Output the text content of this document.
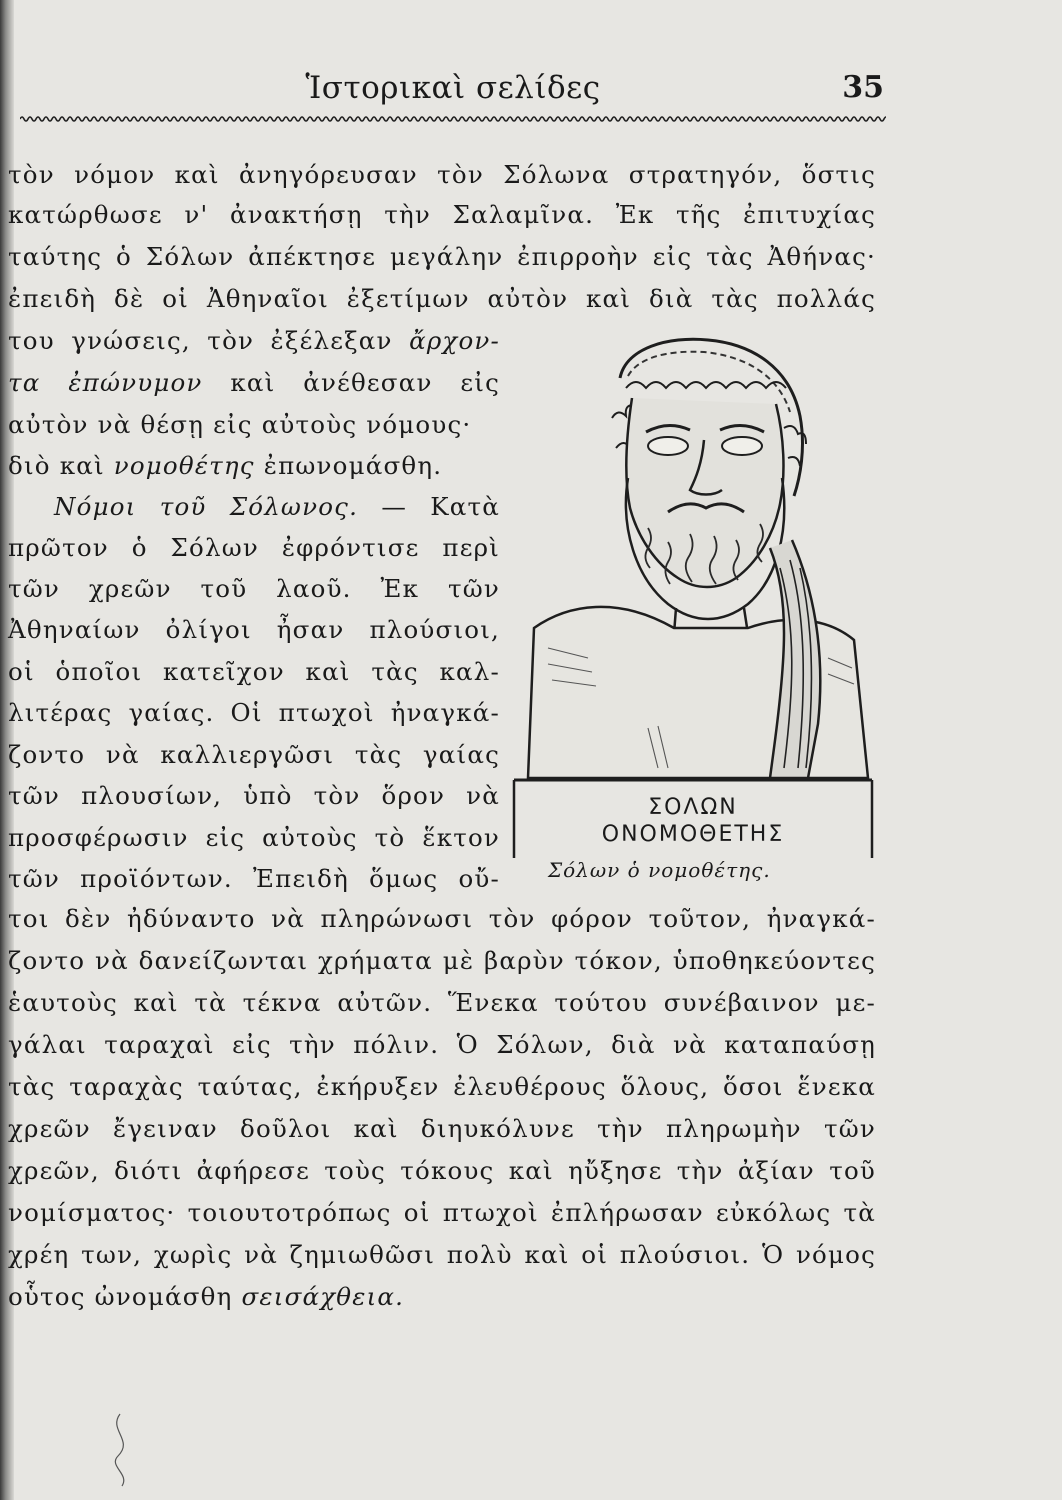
Ἱστορικαὶ σελίδες	35
τὸν νόμον καὶ ἀνηγόρευσαν τὸν Σόλωνα στρατηγόν, ὅστις
κατώρθωσε ν' ἀνακτήσῃ τὴν Σαλαμῖνα. Ἐκ τῆς ἐπιτυχίας
ταύτης ὁ Σόλων ἀπέκτησε μεγάλην ἐπιρροὴν εἰς τὰς Ἀθήνας·
ἐπειδὴ δὲ οἱ Ἀθηναῖοι ἐξετίμων αὐτὸν καὶ διὰ τὰς πολλάς
του γνώσεις, τὸν ἐξέλεξαν ἄρχον-
τα ἐπώνυμον καὶ ἀνέθεσαν εἰς
αὐτὸν νὰ θέσῃ εἰς αὐτοὺς νόμους·
διὸ καὶ νομοθέτης ἐπωνομάσθη.
Νόμοι τοῦ Σόλωνος. — Κατὰ
πρῶτον ὁ Σόλων ἐφρόντισε περὶ
τῶν χρεῶν τοῦ λαοῦ. Ἐκ τῶν
Ἀθηναίων ὀλίγοι ἦσαν πλούσιοι,
οἱ ὁποῖοι κατεῖχον καὶ τὰς καλ-
λιτέρας γαίας. Οἱ πτωχοὶ ἠναγκά-
ζοντο νὰ καλλιεργῶσι τὰς γαίας
τῶν πλουσίων, ὑπὸ τὸν ὅρον νὰ
προσφέρωσιν εἰς αὐτοὺς τὸ ἕκτον
τῶν προϊόντων. Ἐπειδὴ ὅμως οὔ-
τοι δὲν ἠδύναντο νὰ πληρώνωσι τὸν φόρον τοῦτον, ἠναγκά-
ζοντο νὰ δανείζωνται χρήματα μὲ βαρὺν τόκον, ὑποθηκεύοντες
ἑαυτοὺς καὶ τὰ τέκνα αὐτῶν. Ἕνεκα τούτου συνέβαινον με-
γάλαι ταραχαὶ εἰς τὴν πόλιν. Ὁ Σόλων, διὰ νὰ καταπαύσῃ
τὰς ταραχὰς ταύτας, ἐκήρυξεν ἐλευθέρους ὅλους, ὅσοι ἕνεκα
χρεῶν ἔγειναν δοῦλοι καὶ διηυκόλυνε τὴν πληρωμὴν τῶν
χρεῶν, διότι ἀφήρεσε τοὺς τόκους καὶ ηὔξησε τὴν ἀξίαν τοῦ
νομίσματος· τοιουτοτρόπως οἱ πτωχοὶ ἐπλήρωσαν εὐκόλως τὰ
χρέη των, χωρὶς νὰ ζημιωθῶσι πολὺ καὶ οἱ πλούσιοι. Ὁ νόμος
οὗτος ὠνομάσθη σεισάχθεια.
ΣΟΛΩΝ
ΟΝΟΜΟΘΕΤΗΣ
Σόλων ὁ νομοθέτης.
